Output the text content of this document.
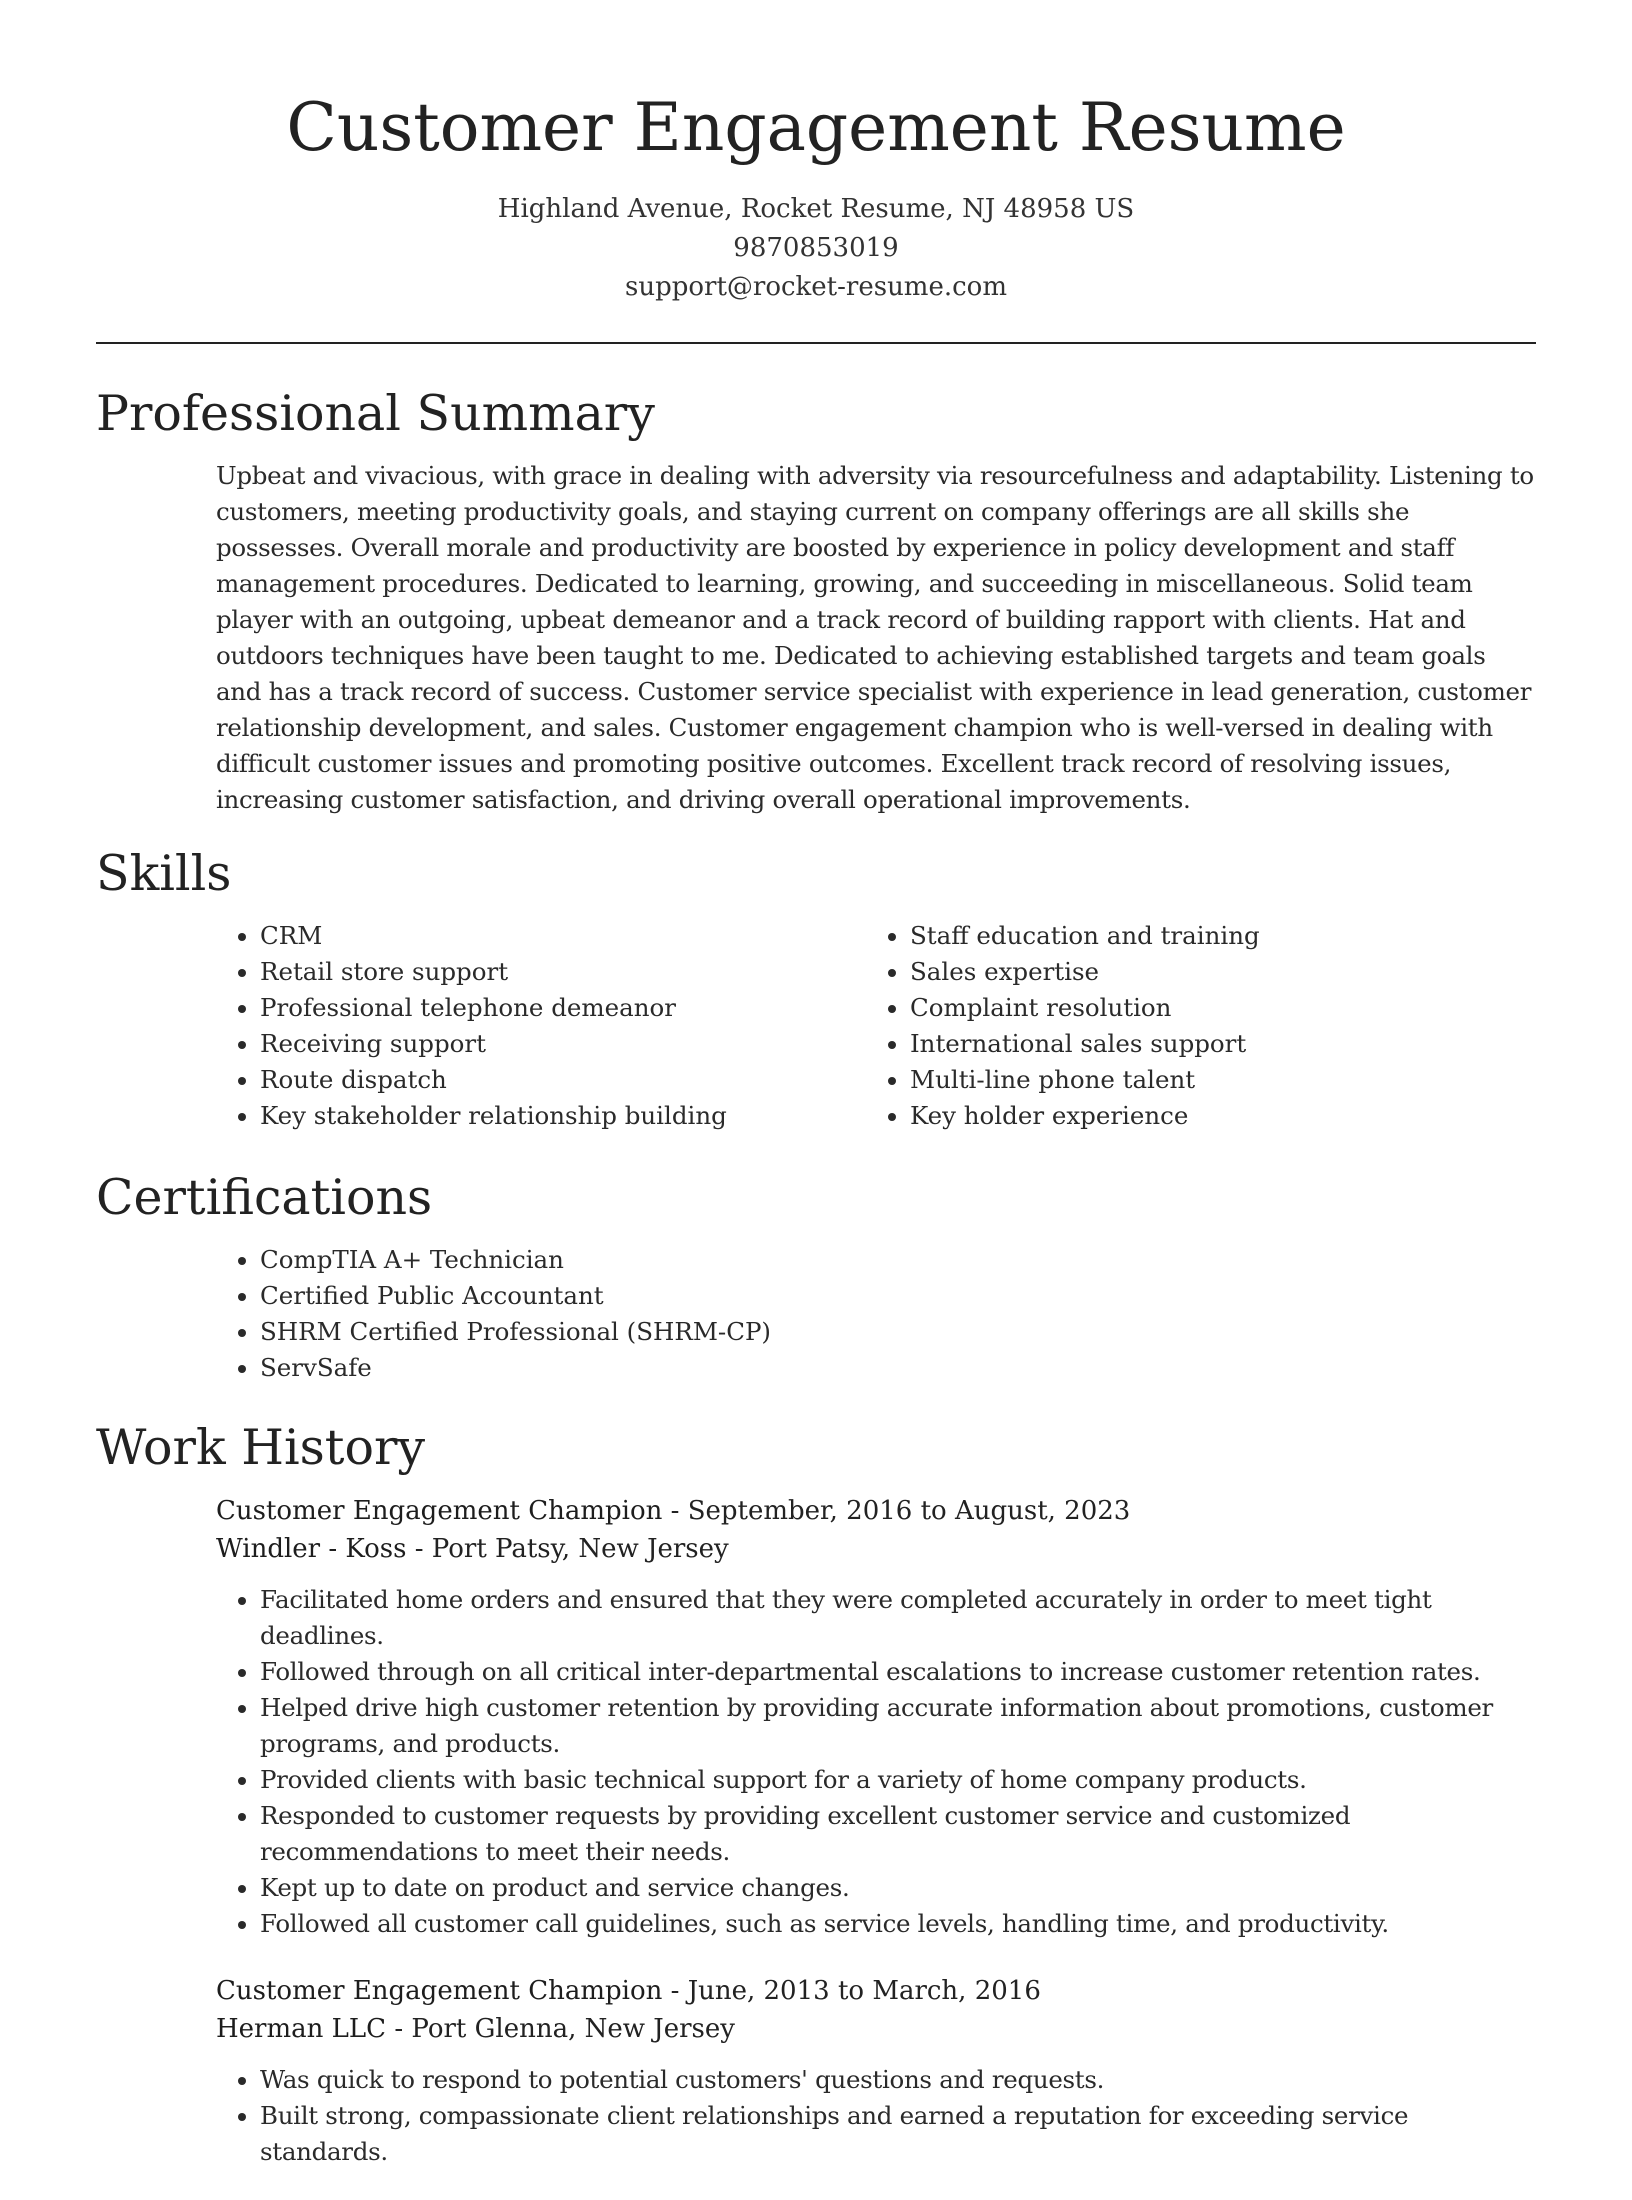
Customer Engagement Resume
Highland Avenue, Rocket Resume, NJ 48958 US
9870853019
support@rocket-resume.com
Professional Summary

Upbeat and vivacious, with grace in dealing with adversity via resourcefulness and adaptability. Listening to customers, meeting productivity goals, and staying current on company offerings are all skills she possesses. Overall morale and productivity are boosted by experience in policy development and staff management procedures. Dedicated to learning, growing, and succeeding in miscellaneous. Solid team player with an outgoing, upbeat demeanor and a track record of building rapport with clients. Hat and outdoors techniques have been taught to me. Dedicated to achieving established targets and team goals and has a track record of success. Customer service specialist with experience in lead generation, customer relationship development, and sales. Customer engagement champion who is well-versed in dealing with difficult customer issues and promoting positive outcomes. Excellent track record of resolving issues, increasing customer satisfaction, and driving overall operational improvements.

Skills
• CRM
• Retail store support
• Professional telephone demeanor
• Receiving support
• Route dispatch
• Key stakeholder relationship building
• Staff education and training
• Sales expertise
• Complaint resolution
• International sales support
• Multi-line phone talent
• Key holder experience
Certifications
• CompTIA A+ Technician
• Certified Public Accountant
• SHRM Certified Professional (SHRM-CP)
• ServSafe
Work History
Customer Engagement Champion - September, 2016 to August, 2023
Windler - Koss - Port Patsy, New Jersey
• Facilitated home orders and ensured that they were completed accurately in order to meet tight deadlines.
• Followed through on all critical inter-departmental escalations to increase customer retention rates.
• Helped drive high customer retention by providing accurate information about promotions, customer programs, and products.
• Provided clients with basic technical support for a variety of home company products.
• Responded to customer requests by providing excellent customer service and customized recommendations to meet their needs.
• Kept up to date on product and service changes.
• Followed all customer call guidelines, such as service levels, handling time, and productivity.
Customer Engagement Champion - June, 2013 to March, 2016
Herman LLC - Port Glenna, New Jersey
• Was quick to respond to potential customers' questions and requests.
• Built strong, compassionate client relationships and earned a reputation for exceeding service standards.
